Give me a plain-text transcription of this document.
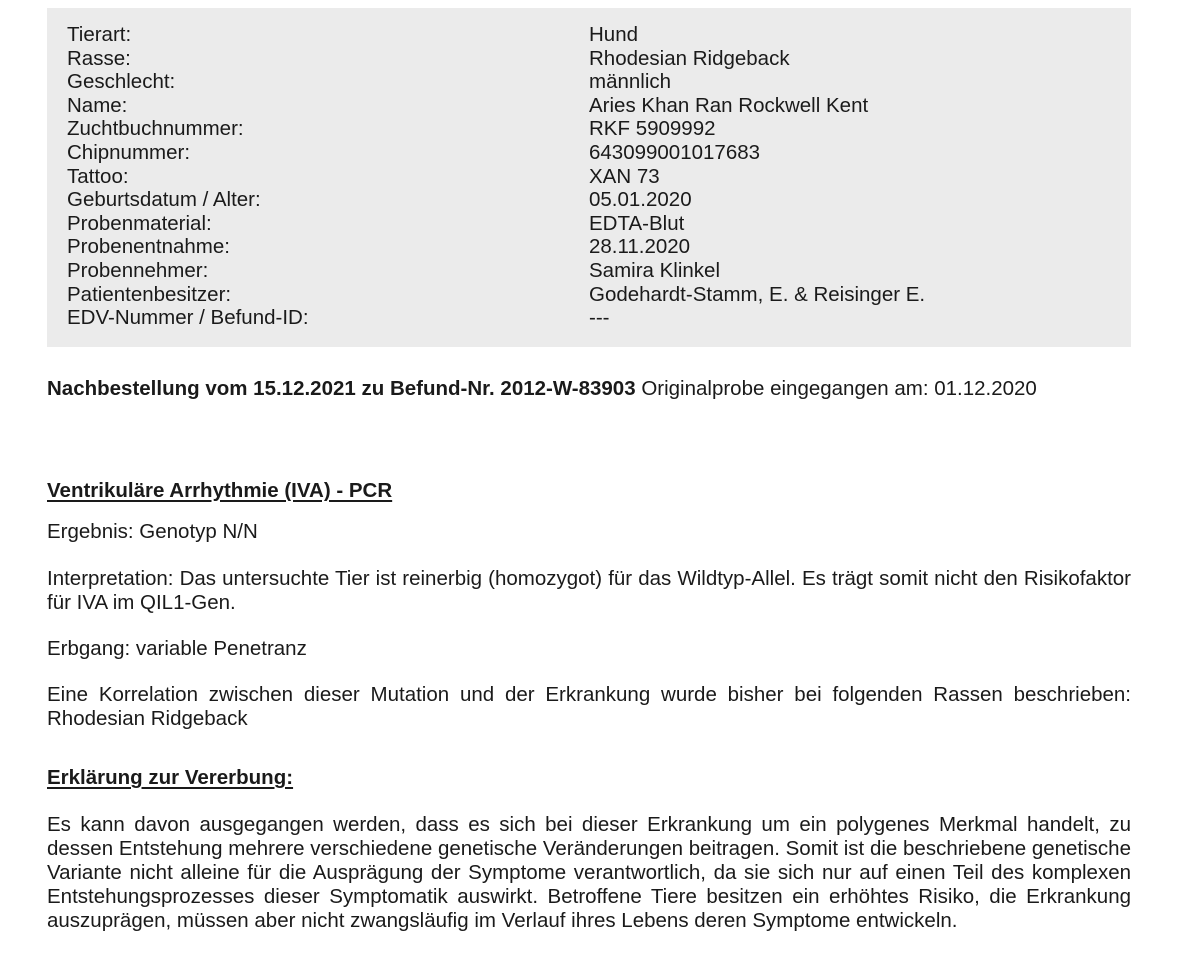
Tierart:	Hund
Rasse:	Rhodesian Ridgeback
Geschlecht:	männlich
Name:	Aries Khan Ran Rockwell Kent
Zuchtbuchnummer:	RKF 5909992
Chipnummer:	643099001017683
Tattoo:	XAN 73
Geburtsdatum / Alter:	05.01.2020
Probenmaterial:	EDTA-Blut
Probenentnahme:	28.11.2020
Probennehmer:	Samira Klinkel
Patientenbesitzer:	Godehardt-Stamm, E. & Reisinger E.
EDV-Nummer / Befund-ID:	---
Nachbestellung vom 15.12.2021 zu Befund-Nr. 2012-W-83903 Originalprobe eingegangen am: 01.12.2020
Ventrikuläre Arrhythmie (IVA) - PCR
Ergebnis: Genotyp N/N
Interpretation: Das untersuchte Tier ist reinerbig (homozygot) für das Wildtyp-Allel. Es trägt somit nicht den Risikofaktor für IVA im QIL1-Gen.
Erbgang: variable Penetranz
Eine Korrelation zwischen dieser Mutation und der Erkrankung wurde bisher bei folgenden Rassen beschrieben: Rhodesian Ridgeback
Erklärung zur Vererbung:
Es kann davon ausgegangen werden, dass es sich bei dieser Erkrankung um ein polygenes Merkmal handelt, zu dessen Entstehung mehrere verschiedene genetische Veränderungen beitragen. Somit ist die beschriebene genetische Variante nicht alleine für die Ausprägung der Symptome verantwortlich, da sie sich nur auf einen Teil des komplexen Entstehungsprozesses dieser Symptomatik auswirkt. Betroffene Tiere besitzen ein erhöhtes Risiko, die Erkrankung auszuprägen, müssen aber nicht zwangsläufig im Verlauf ihres Lebens deren Symptome entwickeln.
